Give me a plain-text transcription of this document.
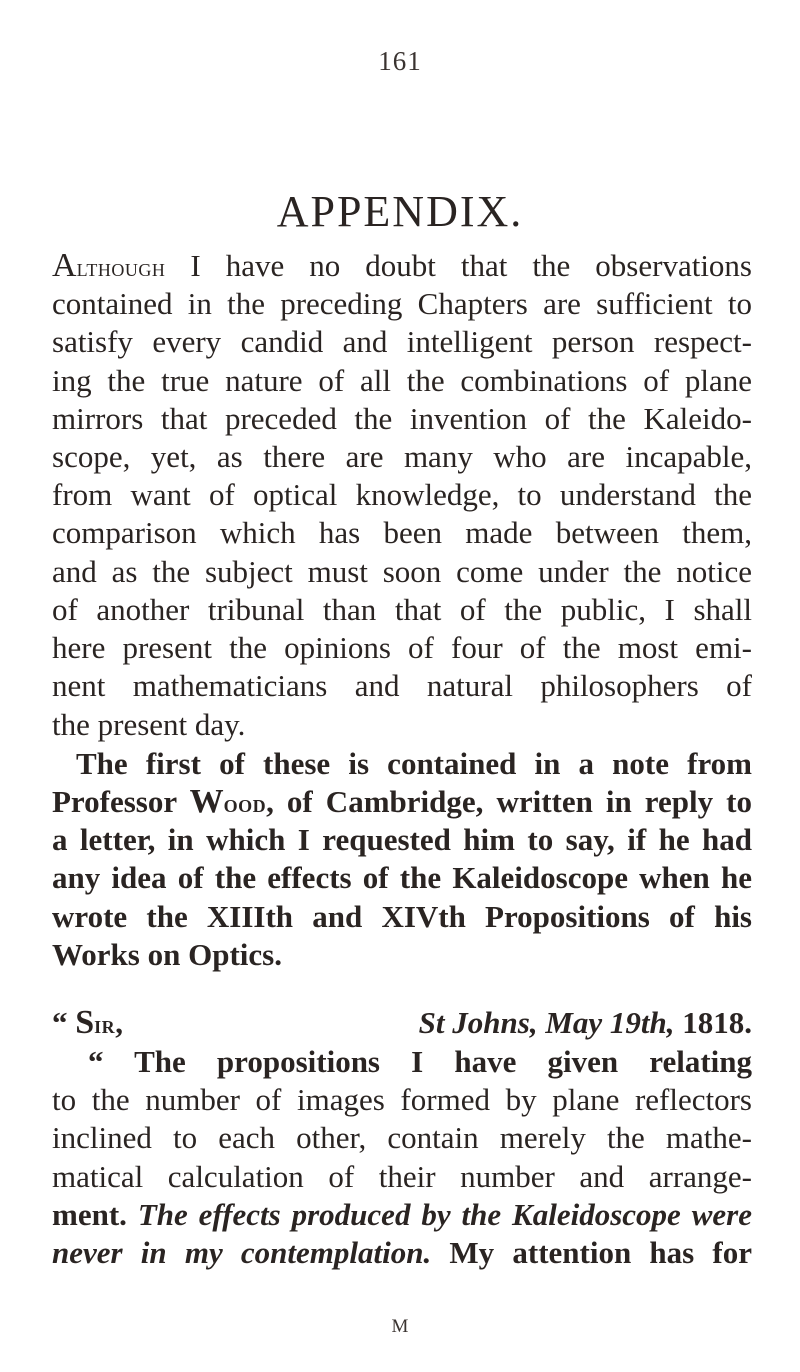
161
APPENDIX.
Although I have no doubt that the observations
contained in the preceding Chapters are sufficient to
satisfy every candid and intelligent person respect-
ing the true nature of all the combinations of plane
mirrors that preceded the invention of the Kaleido-
scope, yet, as there are many who are incapable,
from want of optical knowledge, to understand the
comparison which has been made between them,
and as the subject must soon come under the notice
of another tribunal than that of the public, I shall
here present the opinions of four of the most emi-
nent mathematicians and natural philosophers of
the present day.
The first of these is contained in a note from
Professor Wood, of Cambridge, written in reply to
a letter, in which I requested him to say, if he had
any idea of the effects of the Kaleidoscope when he
wrote the XIIIth and XIVth Propositions of his
Works on Optics.
“ Sir,	St Johns, May 19th, 1818.
“ The propositions I have given relating
to the number of images formed by plane reflectors
inclined to each other, contain merely the mathe-
matical calculation of their number and arrange-
ment. The effects produced by the Kaleidoscope were
never in my contemplation. My attention has for
M
